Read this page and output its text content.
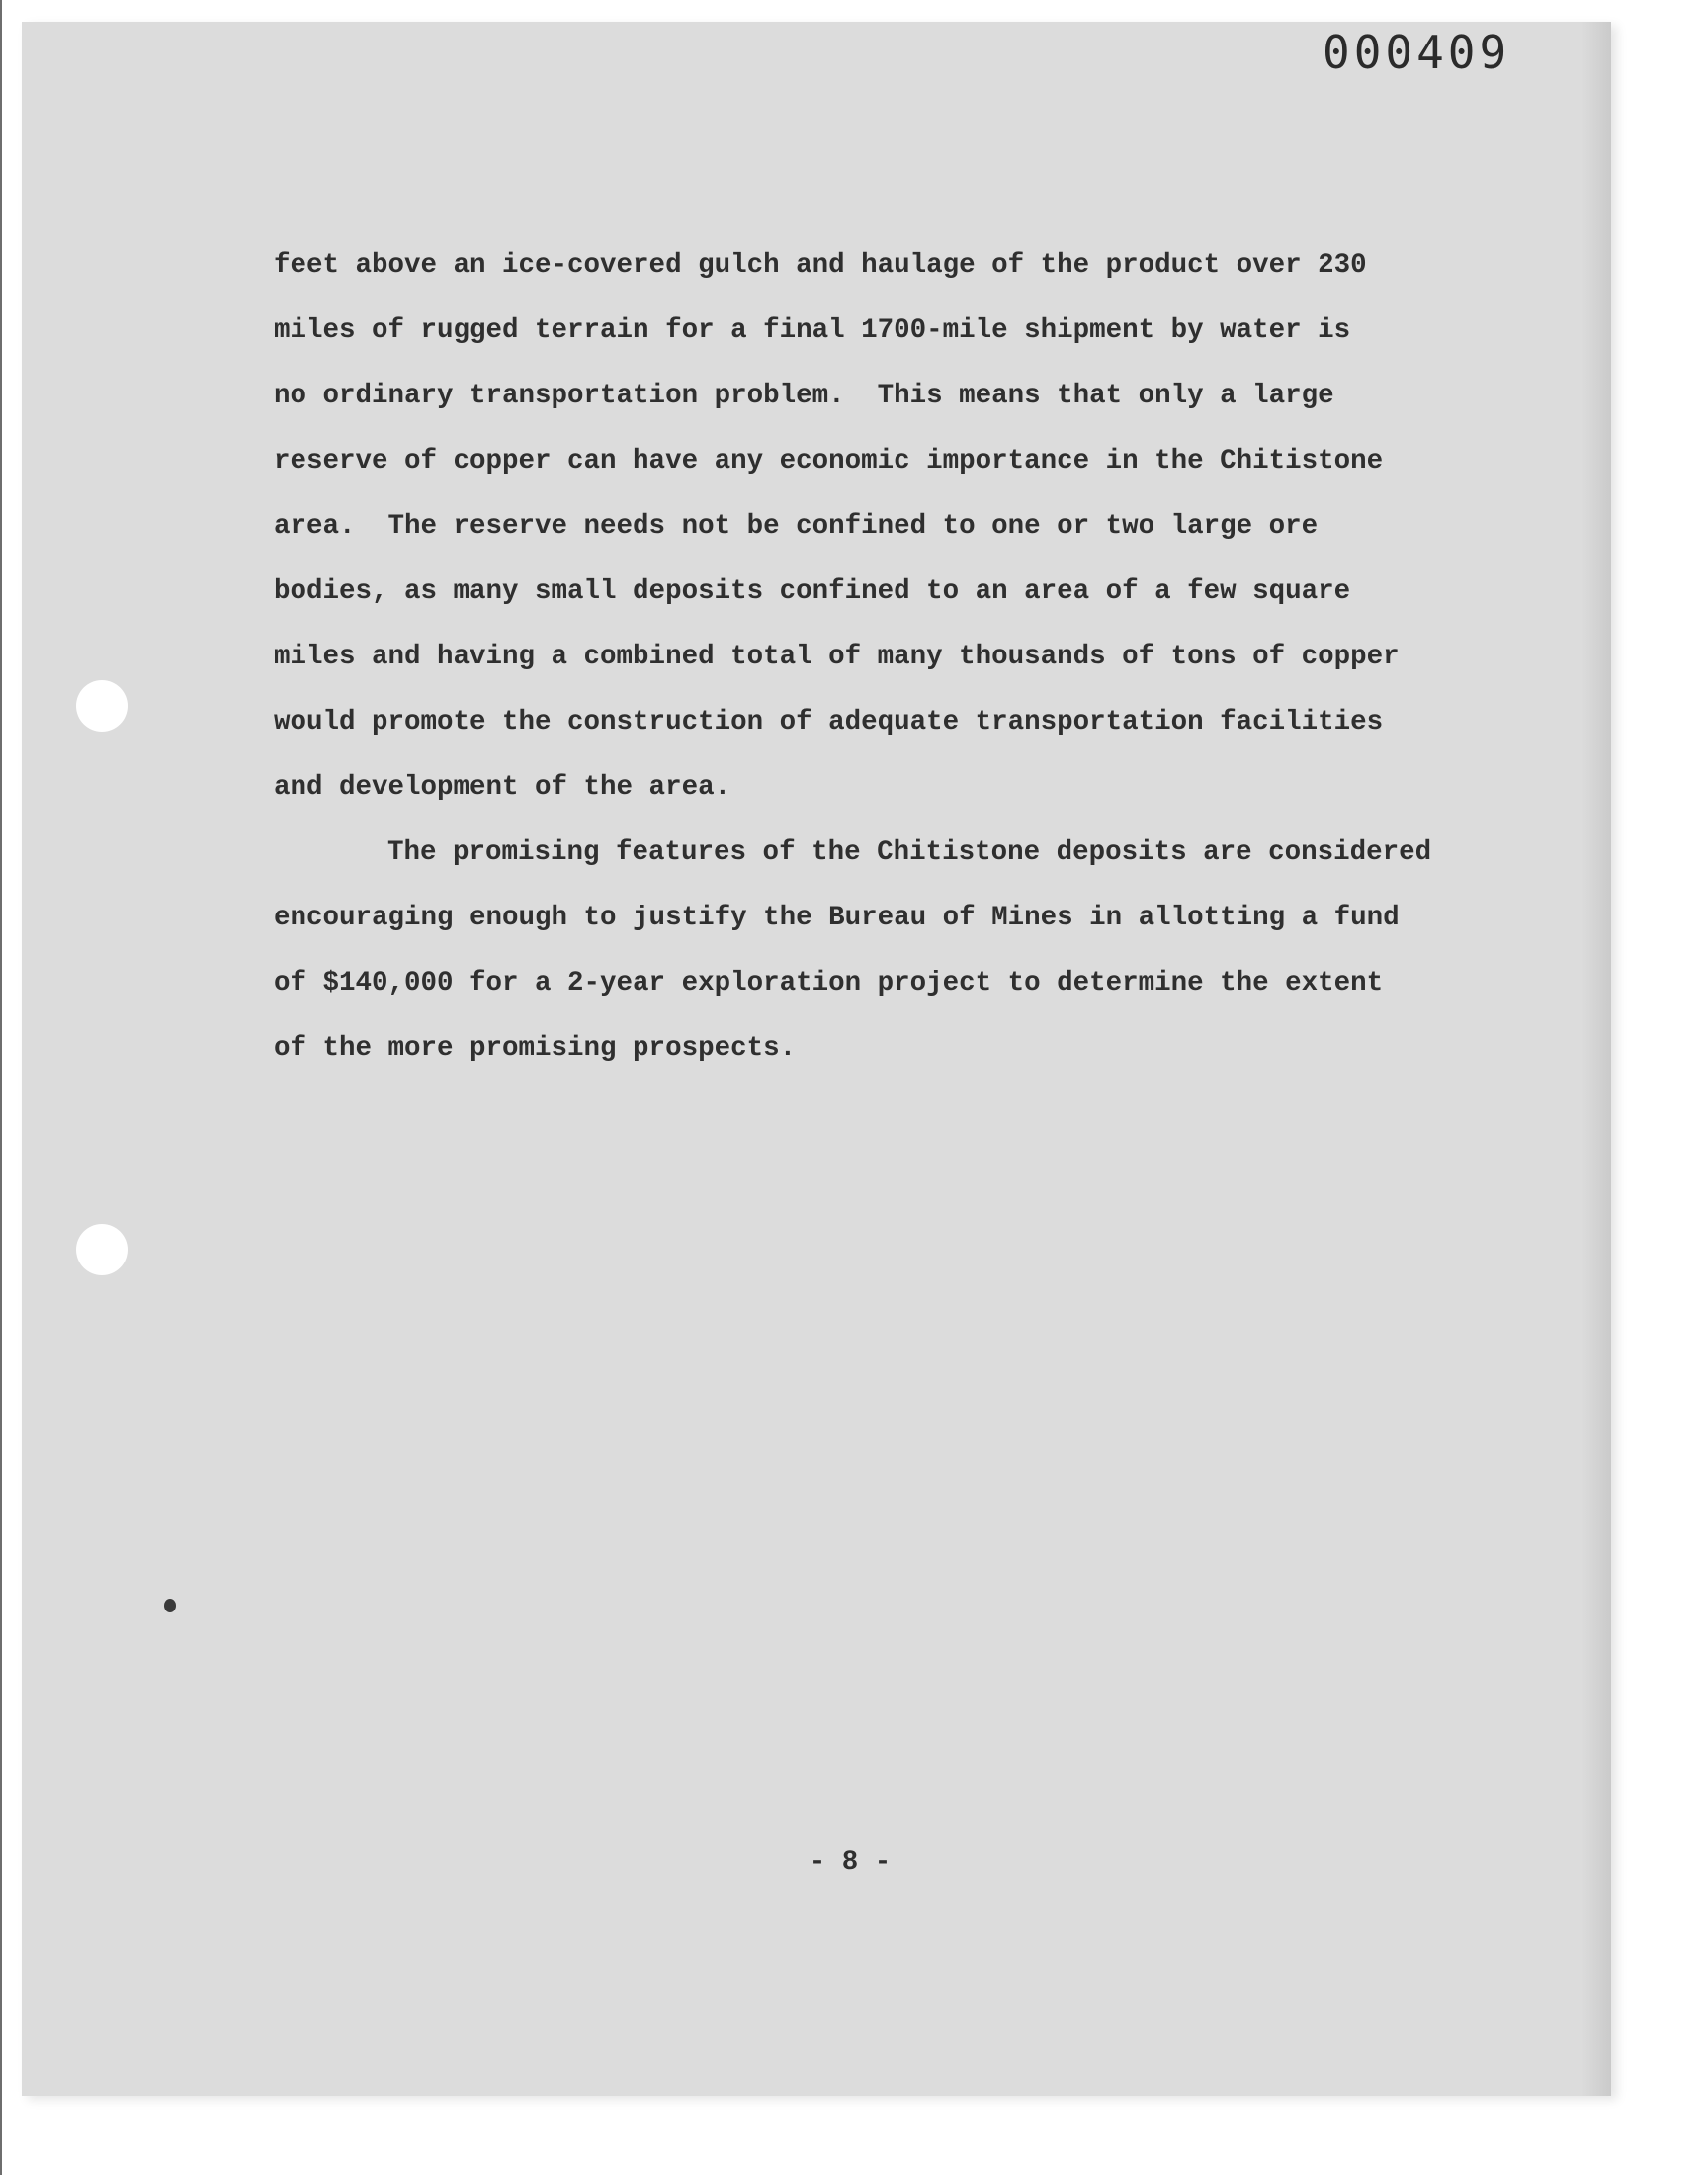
000409
feet above an ice-covered gulch and haulage of the product over 230
miles of rugged terrain for a final 1700-mile shipment by water is
no ordinary transportation problem.  This means that only a large
reserve of copper can have any economic importance in the Chitistone
area.  The reserve needs not be confined to one or two large ore
bodies, as many small deposits confined to an area of a few square
miles and having a combined total of many thousands of tons of copper
would promote the construction of adequate transportation facilities
and development of the area.
The promising features of the Chitistone deposits are considered
encouraging enough to justify the Bureau of Mines in allotting a fund
of $140,000 for a 2-year exploration project to determine the extent
of the more promising prospects.
- 8 -
